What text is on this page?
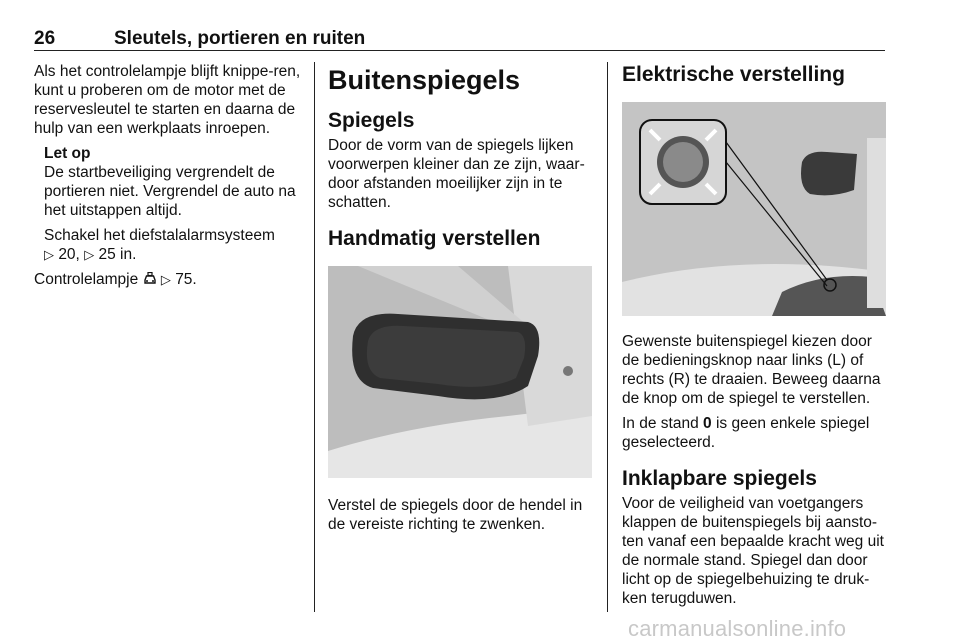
26	Sleutels, portieren en ruiten

Als het controlelampje blijft knippe-ren, kunt u proberen om de motor met de reservesleutel te starten en daarna de hulp van een werkplaats inroepen.

Let op

De startbeveiliging vergrendelt de portieren niet. Vergrendel de auto na het uitstappen altijd.

Schakel het diefstalalarmsysteem
▷ 20, ▷ 25 in.

Controlelampje ▷ 75.

Buitenspiegels
Spiegels

Door de vorm van de spiegels lijken voorwerpen kleiner dan ze zijn, waar-door afstanden moeilijker zijn in te schatten.

Handmatig verstellen

Verstel de spiegels door de hendel in de vereiste richting te zwenken.

Elektrische verstelling

Gewenste buitenspiegel kiezen door de bedieningsknop naar links (L) of rechts (R) te draaien. Beweeg daarna de knop om de spiegel te verstellen.

In de stand 0 is geen enkele spiegel geselecteerd.

Inklapbare spiegels

Voor de veiligheid van voetgangers klappen de buitenspiegels bij aansto-ten vanaf een bepaalde kracht weg uit de normale stand. Spiegel dan door licht op de spiegelbehuizing te druk-ken terugduwen.

carmanualsonline.info
